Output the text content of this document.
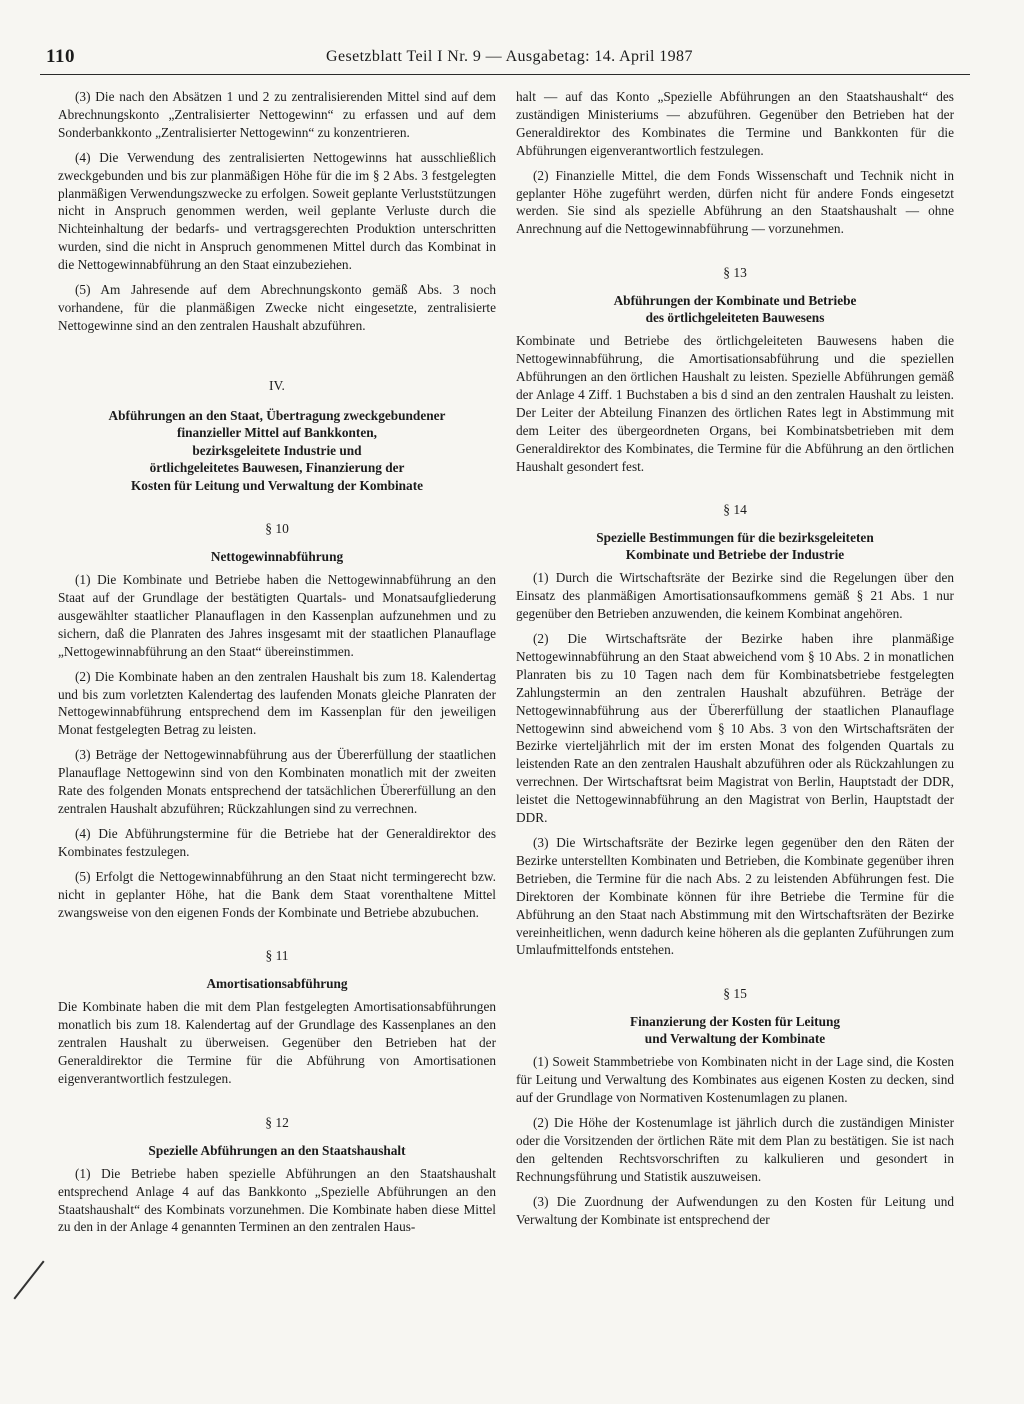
110	Gesetzblatt Teil I Nr. 9 — Ausgabetag: 14. April 1987

(3) Die nach den Absätzen 1 und 2 zu zentralisierenden Mittel sind auf dem Abrechnungskonto „Zentralisierter Nettogewinn“ zu erfassen und auf dem Sonderbankkonto „Zentralisierter Nettogewinn“ zu konzentrieren.

(4) Die Verwendung des zentralisierten Nettogewinns hat ausschließlich zweckgebunden und bis zur planmäßigen Höhe für die im § 2 Abs. 3 festgelegten planmäßigen Verwendungszwecke zu erfolgen. Soweit geplante Verluststützungen nicht in Anspruch genommen werden, weil geplante Verluste durch die Nichteinhaltung der bedarfs- und vertragsgerechten Produktion unterschritten wurden, sind die nicht in Anspruch genommenen Mittel durch das Kombinat in die Nettogewinnabführung an den Staat einzubeziehen.

(5) Am Jahresende auf dem Abrechnungskonto gemäß Abs. 3 noch vorhandene, für die planmäßigen Zwecke nicht eingesetzte, zentralisierte Nettogewinne sind an den zentralen Haushalt abzuführen.

IV.
Abführungen an den Staat, Übertragung zweckgebundener
finanzieller Mittel auf Bankkonten,
bezirksgeleitete Industrie und
örtlichgeleitetes Bauwesen, Finanzierung der
Kosten für Leitung und Verwaltung der Kombinate
§ 10
Nettogewinnabführung

(1) Die Kombinate und Betriebe haben die Nettogewinnabführung an den Staat auf der Grundlage der bestätigten Quartals- und Monatsaufgliederung ausgewählter staatlicher Planauflagen in den Kassenplan aufzunehmen und zu sichern, daß die Planraten des Jahres insgesamt mit der staatlichen Planauflage „Nettogewinnabführung an den Staat“ übereinstimmen.

(2) Die Kombinate haben an den zentralen Haushalt bis zum 18. Kalendertag und bis zum vorletzten Kalendertag des laufenden Monats gleiche Planraten der Nettogewinnabführung entsprechend dem im Kassenplan für den jeweiligen Monat festgelegten Betrag zu leisten.

(3) Beträge der Nettogewinnabführung aus der Übererfüllung der staatlichen Planauflage Nettogewinn sind von den Kombinaten monatlich mit der zweiten Rate des folgenden Monats entsprechend der tatsächlichen Übererfüllung an den zentralen Haushalt abzuführen; Rückzahlungen sind zu verrechnen.

(4) Die Abführungstermine für die Betriebe hat der Generaldirektor des Kombinates festzulegen.

(5) Erfolgt die Nettogewinnabführung an den Staat nicht termingerecht bzw. nicht in geplanter Höhe, hat die Bank dem Staat vorenthaltene Mittel zwangsweise von den eigenen Fonds der Kombinate und Betriebe abzubuchen.

§ 11
Amortisationsabführung

Die Kombinate haben die mit dem Plan festgelegten Amortisationsabführungen monatlich bis zum 18. Kalendertag auf der Grundlage des Kassenplanes an den zentralen Haushalt zu überweisen. Gegenüber den Betrieben hat der Generaldirektor die Termine für die Abführung von Amortisationen eigenverantwortlich festzulegen.

§ 12
Spezielle Abführungen an den Staatshaushalt

(1) Die Betriebe haben spezielle Abführungen an den Staatshaushalt entsprechend Anlage 4 auf das Bankkonto „Spezielle Abführungen an den Staatshaushalt“ des Kombinats vorzunehmen. Die Kombinate haben diese Mittel zu den in der Anlage 4 genannten Terminen an den zentralen Haus-

halt — auf das Konto „Spezielle Abführungen an den Staatshaushalt“ des zuständigen Ministeriums — abzuführen. Gegenüber den Betrieben hat der Generaldirektor des Kombinates die Termine und Bankkonten für die Abführungen eigenverantwortlich festzulegen.

(2) Finanzielle Mittel, die dem Fonds Wissenschaft und Technik nicht in geplanter Höhe zugeführt werden, dürfen nicht für andere Fonds eingesetzt werden. Sie sind als spezielle Abführung an den Staatshaushalt — ohne Anrechnung auf die Nettogewinnabführung — vorzunehmen.

§ 13
Abführungen der Kombinate und Betriebe
des örtlichgeleiteten Bauwesens

Kombinate und Betriebe des örtlichgeleiteten Bauwesens haben die Nettogewinnabführung, die Amortisationsabführung und die speziellen Abführungen an den örtlichen Haushalt zu leisten. Spezielle Abführungen gemäß der Anlage 4 Ziff. 1 Buchstaben a bis d sind an den zentralen Haushalt zu leisten. Der Leiter der Abteilung Finanzen des örtlichen Rates legt in Abstimmung mit dem Leiter des übergeordneten Organs, bei Kombinatsbetrieben mit dem Generaldirektor des Kombinates, die Termine für die Abführung an den örtlichen Haushalt gesondert fest.

§ 14
Spezielle Bestimmungen für die bezirksgeleiteten
Kombinate und Betriebe der Industrie

(1) Durch die Wirtschaftsräte der Bezirke sind die Regelungen über den Einsatz des planmäßigen Amortisationsaufkommens gemäß § 21 Abs. 1 nur gegenüber den Betrieben anzuwenden, die keinem Kombinat angehören.

(2) Die Wirtschaftsräte der Bezirke haben ihre planmäßige Nettogewinnabführung an den Staat abweichend vom § 10 Abs. 2 in monatlichen Planraten bis zu 10 Tagen nach dem für Kombinatsbetriebe festgelegten Zahlungstermin an den zentralen Haushalt abzuführen. Beträge der Nettogewinnabführung aus der Übererfüllung der staatlichen Planauflage Nettogewinn sind abweichend vom § 10 Abs. 3 von den Wirtschaftsräten der Bezirke vierteljährlich mit der im ersten Monat des folgenden Quartals zu leistenden Rate an den zentralen Haushalt abzuführen oder als Rückzahlungen zu verrechnen. Der Wirtschaftsrat beim Magistrat von Berlin, Hauptstadt der DDR, leistet die Nettogewinnabführung an den Magistrat von Berlin, Hauptstadt der DDR.

(3) Die Wirtschaftsräte der Bezirke legen gegenüber den den Räten der Bezirke unterstellten Kombinaten und Betrieben, die Kombinate gegenüber ihren Betrieben, die Termine für die nach Abs. 2 zu leistenden Abführungen fest. Die Direktoren der Kombinate können für ihre Betriebe die Termine für die Abführung an den Staat nach Abstimmung mit den Wirtschaftsräten der Bezirke vereinheitlichen, wenn dadurch keine höheren als die geplanten Zuführungen zum Umlaufmittelfonds entstehen.

§ 15
Finanzierung der Kosten für Leitung
und Verwaltung der Kombinate

(1) Soweit Stammbetriebe von Kombinaten nicht in der Lage sind, die Kosten für Leitung und Verwaltung des Kombinates aus eigenen Kosten zu decken, sind auf der Grundlage von Normativen Kostenumlagen zu planen.

(2) Die Höhe der Kostenumlage ist jährlich durch die zuständigen Minister oder die Vorsitzenden der örtlichen Räte mit dem Plan zu bestätigen. Sie ist nach den geltenden Rechtsvorschriften zu kalkulieren und gesondert in Rechnungsführung und Statistik auszuweisen.

(3) Die Zuordnung der Aufwendungen zu den Kosten für Leitung und Verwaltung der Kombinate ist entsprechend der
